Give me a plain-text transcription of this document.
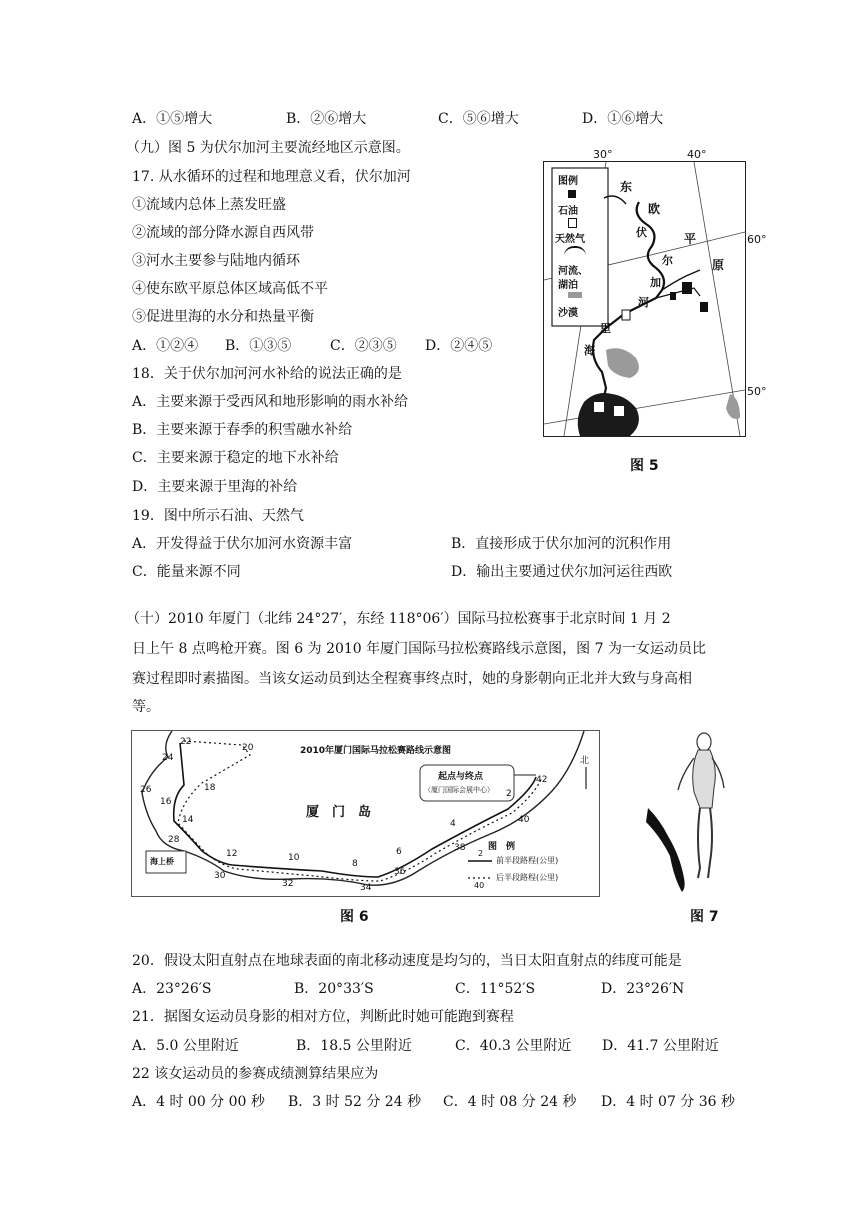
A．①⑤增大	B．②⑥增大	C．⑤⑥增大	D．①⑥增大
（九）图 5 为伏尔加河主要流经地区示意图。
17. 从水循环的过程和地理意义看，伏尔加河
①流域内总体上蒸发旺盛
②流域的部分降水源自西风带
③河水主要参与陆地内循环
④使东欧平原总体区域高低不平
⑤促进里海的水分和热量平衡
A．①②④ B．①③⑤	C．②③⑤ D．②④⑤
18．关于伏尔加河河水补给的说法正确的是
A．主要来源于受西风和地形影响的雨水补给
B．主要来源于春季的积雪融水补给
C．主要来源于稳定的地下水补给
D．主要来源于里海的补给
19．图中所示石油、天然气
A．开发得益于伏尔加河水资源丰富	B．直接形成于伏尔加河的沉积作用
C．能量来源不同	D．输出主要通过伏尔加河运往西欧
30°	40°
图例
石油
天然气
河流、
湖泊
沙漠
东
欧
平
原
伏
尔
加
河
里
海
60°
50°
图 5
（十）2010 年厦门（北纬 24°27′，东经 118°06′）国际马拉松赛事于北京时间 1 月 2
日上午 8 点鸣枪开赛。图 6 为 2010 年厦门国际马拉松赛路线示意图，图 7 为一女运动员比
赛过程即时素描图。当该女运动员到达全程赛事终点时，她的身影朝向正北并大致与身高相
等。
2010年厦门国际马拉松赛路线示意图
厦　门　岛
起点与终点
（厦门国际会展中心）
北
图　例
2
40
前半段路程(公里)
后半段路程(公里)
海上桥
22
20
24
18
26
16
14
28
12
30
10
32
8
34
6
36
4
38
2
40
42
图 6	图 7
20．假设太阳直射点在地球表面的南北移动速度是均匀的，当日太阳直射点的纬度可能是
A．23°26′S	B．20°33′S	C．11°52′S	D．23°26′N
21．据图女运动员身影的相对方位，判断此时她可能跑到赛程
A．5.0 公里附近	B．18.5 公里附近	C．40.3 公里附近 D．41.7 公里附近
22 该女运动员的参赛成绩测算结果应为
A．4 时 00 分 00 秒 B．3 时 52 分 24 秒 C．4 时 08 分 24 秒 D．4 时 07 分 36 秒
